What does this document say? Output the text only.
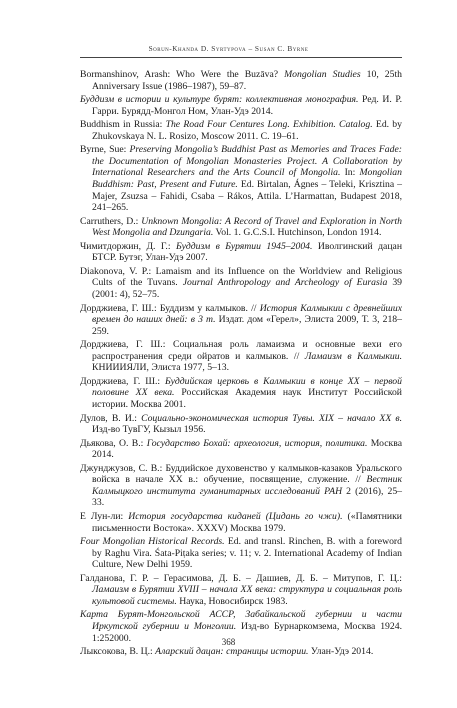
Sorun-Khanda D. Syrtypova – Susan C. Byrne

Bormanshinov, Arash: Who Were the Buzāva? Mongolian Studies 10, 25th Anniversary Issue (1986–1987), 59–87.

Буддизм в истории и культуре бурят: коллективная монография. Ред. И. Р. Гарри. Бурядд-Монгол Ном, Улан-Удэ 2014.

Buddhism in Russia: The Road Four Centures Long. Exhibition. Catalog. Ed. by Zhukovskaya N. L. Rosizo, Moscow 2011. С. 19–61.

Byrne, Sue: Preserving Mongolia’s Buddhist Past as Memories and Traces Fade: the Documentation of Mongolian Monasteries Project. A Collaboration by International Researchers and the Arts Council of Mongolia. In: Mongolian Buddhism: Past, Present and Future. Ed. Birtalan, Ágnes – Teleki, Krisztina – Majer, Zsuzsa – Fahidi, Csaba – Rákos, Attila. L’Harmattan, Budapest 2018, 241–265.

Carruthers, D.: Unknown Mongolia: A Record of Travel and Exploration in North West Mongolia and Dzungaria. Vol. 1. G.C.S.I. Hutchinson, London 1914.

Чимитдоржин, Д. Г.: Буддизм в Бурятии 1945–2004. Иволгинский дацан БТСР. Бутэг, Улан-Удэ 2007.

Diakonova, V. P.: Lamaism and its Influence on the Worldview and Religious Cults of the Tuvans. Journal Anthropology and Archeology of Eurasia 39 (2001: 4), 52–75.

Дорджиева, Г. Ш.: Буддизм у калмыков. // История Калмыкии с древнейших времен до наших дней: в 3 т. Издат. дом «Герел», Элиста 2009, Т. 3, 218–259.

Дорджиева, Г. Ш.: Социальная роль ламаизма и основные вехи его распространения среди ойратов и калмыков. // Ламаизм в Калмыкии. КНИИИЯЛИ, Элиста 1977, 5–13.

Дорджиева, Г. Ш.: Буддийская церковь в Калмыкии в конце XX – первой половине XX века. Российская Академия наук Институт Российской истории. Москва 2001.

Дулов, В. И.: Социально-экономическая история Тувы. XIX – начало XX в. Изд-во ТувГУ, Кызыл 1956.

Дьякова, О. В.: Государство Бохай: археология, история, политика. Москва 2014.

Джунджузов, С. В.: Буддийское духовенство у калмыков-казаков Уральского войска в начале XX в.: обучение, посвящение, служение. // Вестник Калмыцкого института гуманитарных исследований РАН 2 (2016), 25–33.

Е Лун-ли: История государства киданей (Цидань го чжи). («Памятники письменности Востока». XXXV) Москва 1979.

Four Mongolian Historical Records. Ed. and transl. Rinchen, B. with a foreword by Raghu Vira. Śata-Piṭaka series; v. 11; v. 2. International Academy of Indian Culture, New Delhi 1959.

Галданова, Г. Р. – Герасимова, Д. Б. – Дашиев, Д. Б. – Митупов, Г. Ц.: Ламаизм в Бурятии XVIII – начала XX века: структура и социальная роль культовой системы. Наука, Новосибирск 1983.

Карта Бурят-Монгольской АССР, Забайкальской губернии и части Иркутской губернии и Монголии. Изд-во Бурнаркомзема, Москва 1924. 1:252000.

Лыксокова, В. Ц.: Аларский дацан: страницы истории. Улан-Удэ 2014.

368
